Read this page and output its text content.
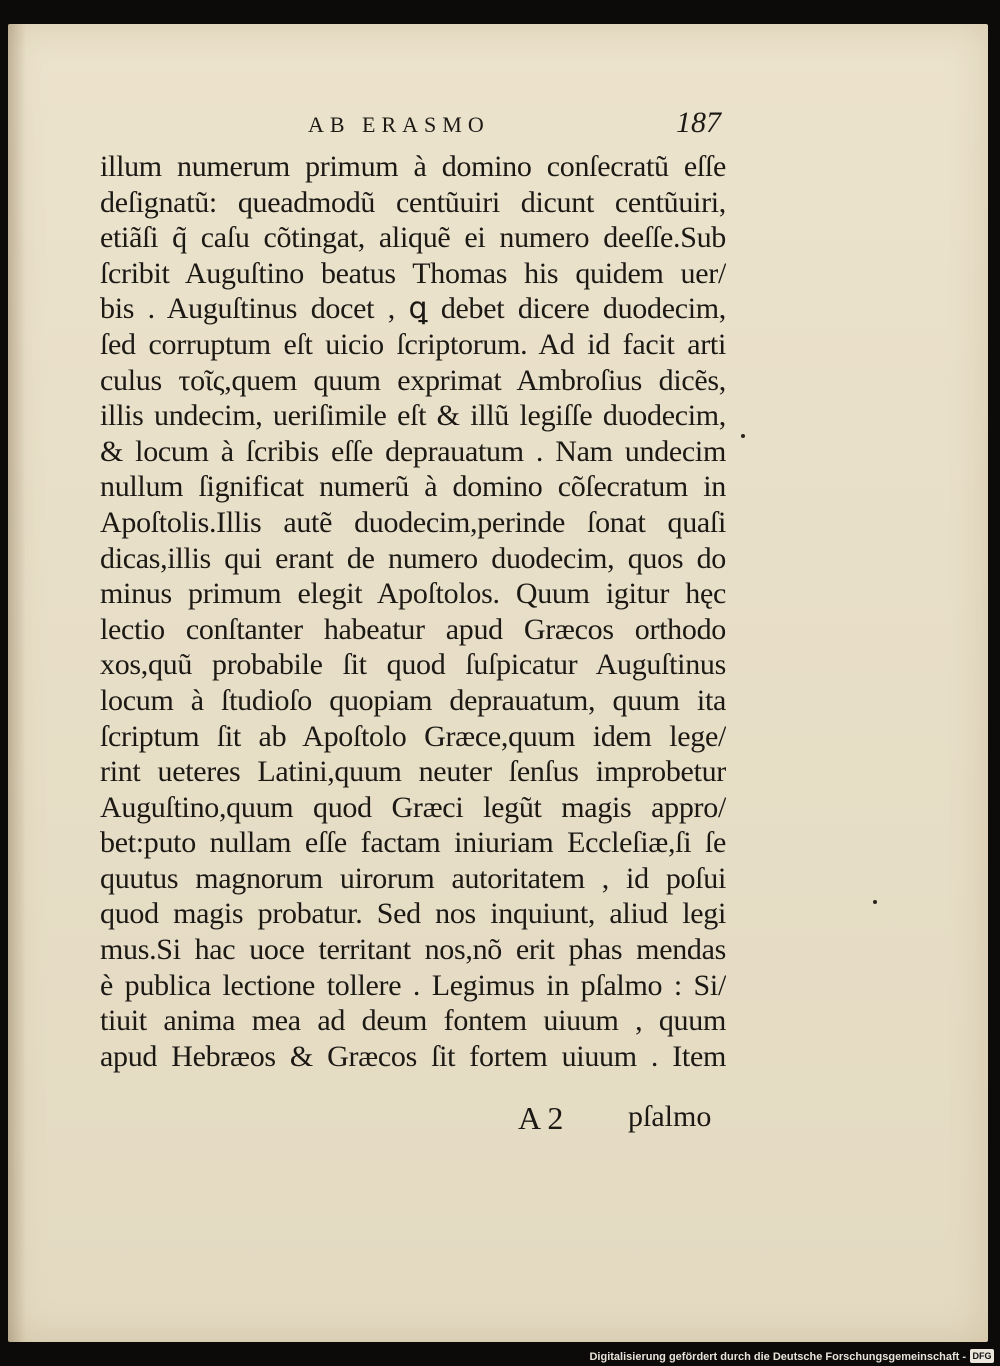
AB ERASMO	187
illum numerum primum à domino conſecratũ eſſe
deſignatũ: queadmodũ centũuiri dicunt centũuiri,
etiãſi q̃ caſu cõtingat, aliquẽ ei numero deeſſe.Sub
ſcribit Auguſtino beatus Thomas his quidem uer/
bis . Auguſtinus docet , ꝗ debet dicere duodecim,
ſed corruptum eſt uicio ſcriptorum. Ad id facit arti
culus τοῖς,quem quum exprimat Ambroſius dicẽs,
illis undecim, ueriſimile eſt & illũ legiſſe duodecim,
& locum à ſcribis eſſe deprauatum . Nam undecim
nullum ſignificat numerũ à domino cõſecratum in
Apoſtolis.Illis autẽ duodecim,perinde ſonat quaſi
dicas,illis qui erant de numero duodecim, quos do
minus primum elegit Apoſtolos. Quum igitur hęc
lectio conſtanter habeatur apud Græcos orthodo
xos,quũ probabile ſit quod ſuſpicatur Auguſtinus
locum à ſtudioſo quopiam deprauatum, quum ita
ſcriptum ſit ab Apoſtolo Græce,quum idem lege/
rint ueteres Latini,quum neuter ſenſus improbetur
Auguſtino,quum quod Græci legũt magis appro/
bet:puto nullam eſſe factam iniuriam Eccleſiæ,ſi ſe
quutus magnorum uirorum autoritatem , id poſui
quod magis probatur. Sed nos inquiunt, aliud legi
mus.Si hac uoce territant nos,nõ erit phas mendas
è publica lectione tollere . Legimus in pſalmo : Si/
tiuit anima mea ad deum fontem uiuum , quum
apud Hebræos & Græcos ſit fortem uiuum . Item
A 2 pſalmo
Digitalisierung gefördert durch die Deutsche Forschungsgemeinschaft - DFG
